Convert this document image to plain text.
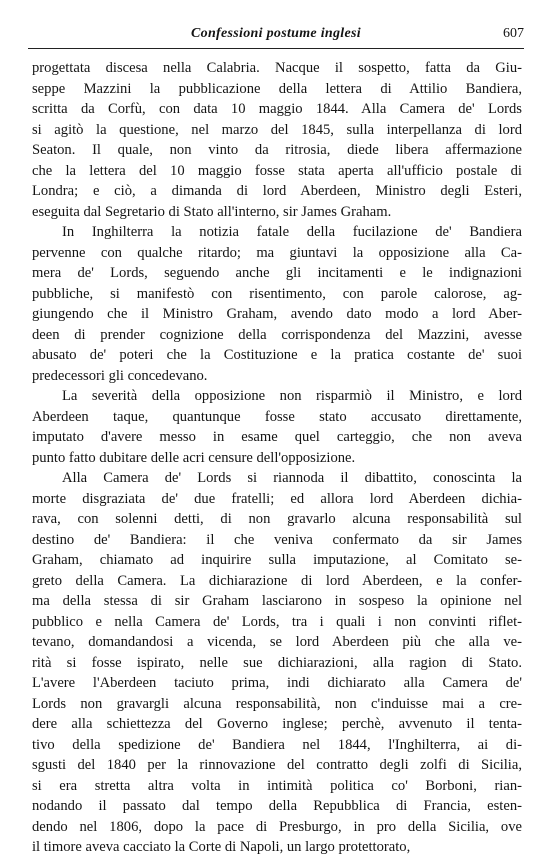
Confessioni postume inglesi	607
progettata discesa nella Calabria. Nacque il sospetto, fatta da Giu-
seppe Mazzini la pubblicazione della lettera di Attilio Bandiera,
scritta da Corfù, con data 10 maggio 1844. Alla Camera de' Lords
si agitò la questione, nel marzo del 1845, sulla interpellanza di lord
Seaton. Il quale, non vinto da ritrosia, diede libera affermazione
che la lettera del 10 maggio fosse stata aperta all'ufficio postale di
Londra; e ciò, a dimanda di lord Aberdeen, Ministro degli Esteri,
eseguita dal Segretario di Stato all'interno, sir James Graham.
In Inghilterra la notizia fatale della fucilazione de' Bandiera
pervenne con qualche ritardo; ma giuntavi la opposizione alla Ca-
mera de' Lords, seguendo anche gli incitamenti e le indignazioni
pubbliche, si manifestò con risentimento, con parole calorose, ag-
giungendo che il Ministro Graham, avendo dato modo a lord Aber-
deen di prender cognizione della corrispondenza del Mazzini, avesse
abusato de' poteri che la Costituzione e la pratica costante de' suoi
predecessori gli concedevano.
La severità della opposizione non risparmiò il Ministro, e lord
Aberdeen taque, quantunque fosse stato accusato direttamente,
imputato d'avere messo in esame quel carteggio, che non aveva
punto fatto dubitare delle acri censure dell'opposizione.
Alla Camera de' Lords si riannoda il dibattito, conoscinta la
morte disgraziata de' due fratelli; ed allora lord Aberdeen dichia-
rava, con solenni detti, di non gravarlo alcuna responsabilità sul
destino de' Bandiera: il che veniva confermato da sir James
Graham, chiamato ad inquirire sulla imputazione, al Comitato se-
greto della Camera. La dichiarazione di lord Aberdeen, e la confer-
ma della stessa di sir Graham lasciarono in sospeso la opinione nel
pubblico e nella Camera de' Lords, tra i quali i non convinti riflet-
tevano, domandandosi a vicenda, se lord Aberdeen più che alla ve-
rità si fosse ispirato, nelle sue dichiarazioni, alla ragion di Stato.
L'avere l'Aberdeen taciuto prima, indi dichiarato alla Camera de'
Lords non gravargli alcuna responsabilità, non c'induisse mai a cre-
dere alla schiettezza del Governo inglese; perchè, avvenuto il tenta-
tivo della spedizione de' Bandiera nel 1844, l'Inghilterra, ai di-
sgusti del 1840 per la rinnovazione del contratto degli zolfi di Sicilia,
si era stretta altra volta in intimità politica co' Borboni, rian-
nodando il passato dal tempo della Repubblica di Francia, esten-
dendo nel 1806, dopo la pace di Presburgo, in pro della Sicilia, ove
il timore aveva cacciato la Corte di Napoli, un largo protettorato,
